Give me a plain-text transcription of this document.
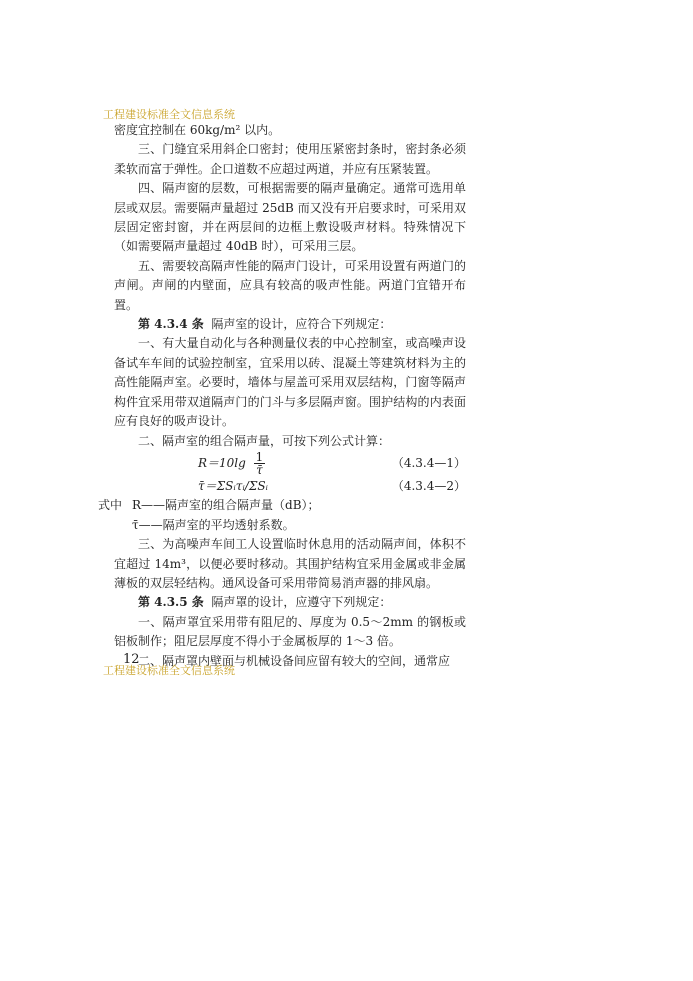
工程建设标准全文信息系统

密度宜控制在 60kg/m² 以内。

三、门缝宜采用斜企口密封；使用压紧密封条时，密封条必须柔软而富于弹性。企口道数不应超过两道，并应有压紧装置。

四、隔声窗的层数，可根据需要的隔声量确定。通常可选用单层或双层。需要隔声量超过 25dB 而又没有开启要求时，可采用双层固定密封窗，并在两层间的边框上敷设吸声材料。特殊情况下（如需要隔声量超过 40dB 时），可采用三层。

五、需要较高隔声性能的隔声门设计，可采用设置有两道门的声闸。声闸的内壁面，应具有较高的吸声性能。两道门宜错开布置。

第 4.3.4 条 隔声室的设计，应符合下列规定：

一、有大量自动化与各种测量仪表的中心控制室，或高噪声设备试车车间的试验控制室，宜采用以砖、混凝土等建筑材料为主的高性能隔声室。必要时，墙体与屋盖可采用双层结构，门窗等隔声构件宜采用带双道隔声门的门斗与多层隔声窗。围护结构的内表面应有良好的吸声设计。

二、隔声室的组合隔声量，可按下列公式计算：

$R=10\lg \frac{1}{\taū}$	（4.3.4—1）
τ̄＝ΣSᵢτᵢ/ΣSᵢ	（4.3.4—2）

式中 R——隔声室的组合隔声量（dB）；

τ̄——隔声室的平均透射系数。

三、为高噪声车间工人设置临时休息用的活动隔声间，体积不宜超过 14m³，以便必要时移动。其围护结构宜采用金属或非金属薄板的双层轻结构。通风设备可采用带简易消声器的排风扇。

第 4.3.5 条 隔声罩的设计，应遵守下列规定：

一、隔声罩宜采用带有阻尼的、厚度为 0.5～2mm 的钢板或铝板制作；阻尼层厚度不得小于金属板厚的 1～3 倍。

二、隔声罩内壁面与机械设备间应留有较大的空间，通常应

12
工程建设标准全文信息系统
